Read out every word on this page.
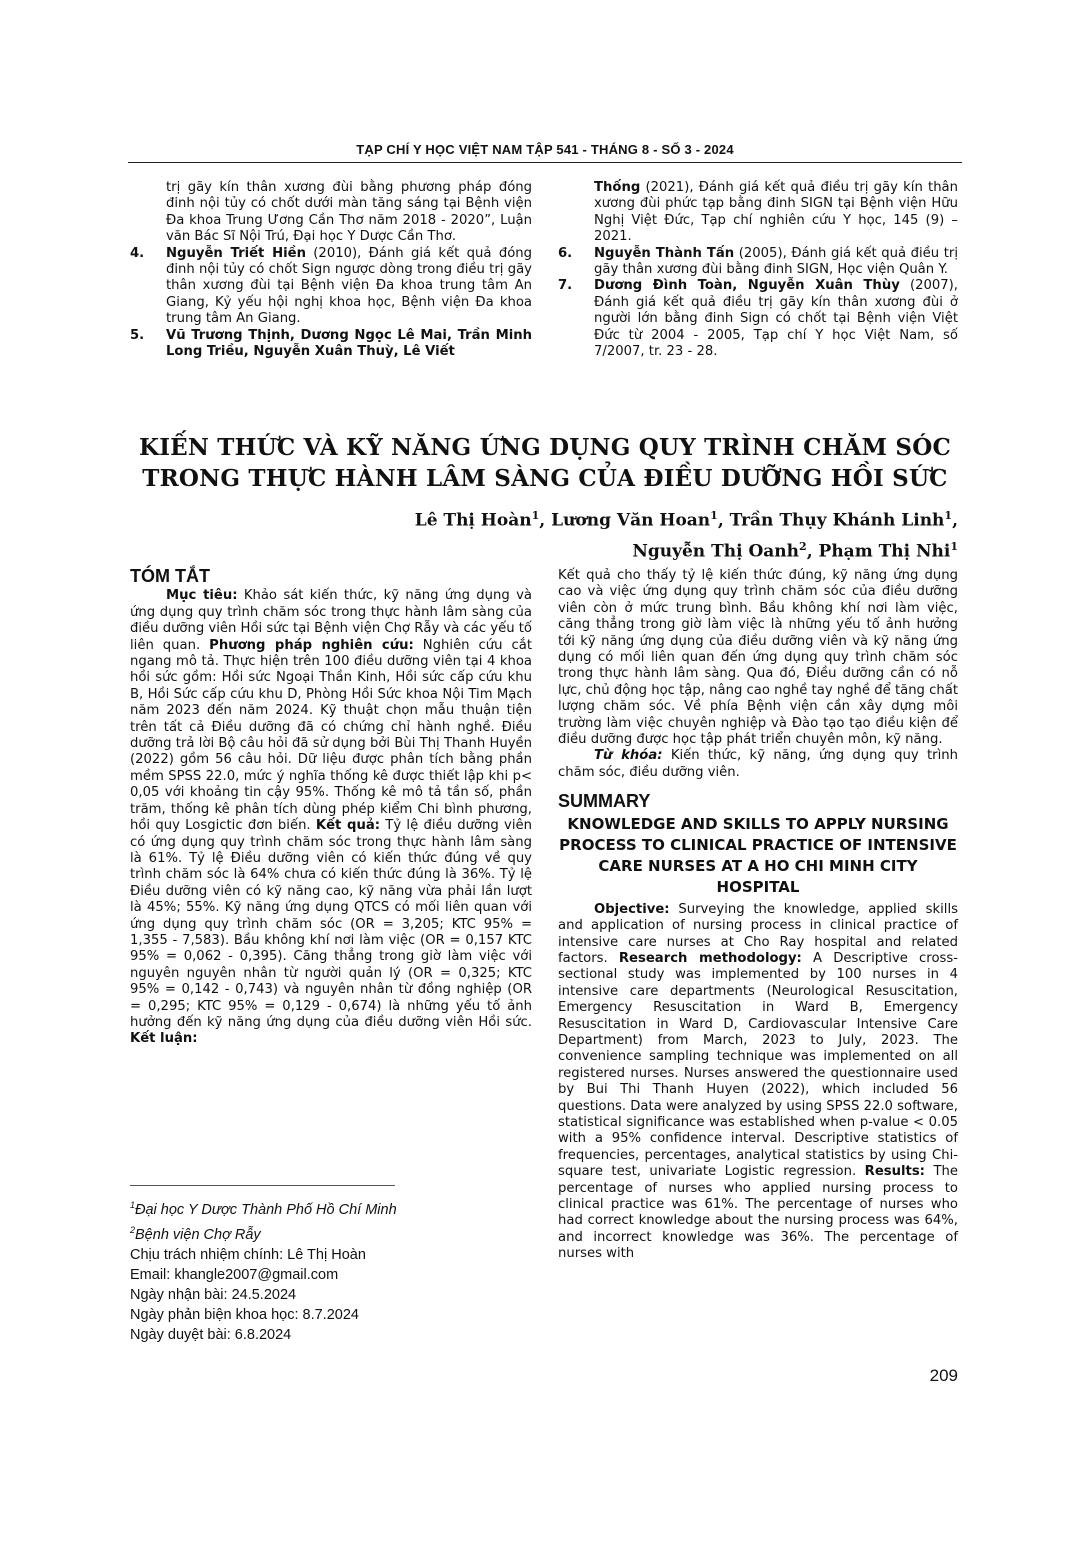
TẠP CHÍ Y HỌC VIỆT NAM TẬP 541 - THÁNG 8 - SỐ 3 - 2024
trị gãy kín thân xương đùi bằng phương pháp đóng đinh nội tủy có chốt dưới màn tăng sáng tại Bệnh viện Đa khoa Trung Ương Cần Thơ năm 2018 - 2020”, Luận văn Bác Sĩ Nội Trú, Đại học Y Dược Cần Thơ.
4.	Nguyễn Triết Hiền (2010), Đánh giá kết quả đóng đinh nội tủy có chốt Sign ngược dòng trong điều trị gãy thân xương đùi tại Bệnh viện Đa khoa trung tâm An Giang, Kỷ yếu hội nghị khoa học, Bệnh viện Đa khoa trung tâm An Giang.
5.	Vũ Trương Thịnh, Dương Ngọc Lê Mai, Trần Minh Long Triều, Nguyễn Xuân Thuỳ, Lê Viết
Thống (2021), Đánh giá kết quả điều trị gãy kín thân xương đùi phức tạp bằng đinh SIGN tại Bệnh viện Hữu Nghị Việt Đức, Tạp chí nghiên cứu Y học, 145 (9) – 2021.
6.	Nguyễn Thành Tấn (2005), Đánh giá kết quả điều trị gãy thân xương đùi bằng đinh SIGN, Học viện Quân Y.
7.	Dương Đình Toàn, Nguyễn Xuân Thùy (2007), Đánh giá kết quả điều trị gãy kín thân xương đùi ở người lớn bằng đinh Sign có chốt tại Bệnh viện Việt Đức từ 2004 - 2005, Tạp chí Y học Việt Nam, số 7/2007, tr. 23 - 28.
KIẾN THỨC VÀ KỸ NĂNG ỨNG DỤNG QUY TRÌNH CHĂM SÓC
TRONG THỰC HÀNH LÂM SÀNG CỦA ĐIỀU DƯỠNG HỒI SỨC
Lê Thị Hoàn$^1$, Lương Văn Hoan$^1$, Trần Thụy Khánh Linh$^1$,
Nguyễn Thị Oanh$^2$, Phạm Thị Nhi$^1$
TÓM TẮT
Mục tiêu: Khảo sát kiến thức, kỹ năng ứng dụng và ứng dụng quy trình chăm sóc trong thực hành lâm sàng của điều dưỡng viên Hồi sức tại Bệnh viện Chợ Rẫy và các yếu tố liên quan. Phương pháp nghiên cứu: Nghiên cứu cắt ngang mô tả. Thực hiện trên 100 điều dưỡng viên tại 4 khoa hồi sức gồm: Hồi sức Ngoại Thần Kinh, Hồi sức cấp cứu khu B, Hồi Sức cấp cứu khu D, Phòng Hồi Sức khoa Nội Tim Mạch năm 2023 đến năm 2024. Kỹ thuật chọn mẫu thuận tiện trên tất cả Điều dưỡng đã có chứng chỉ hành nghề. Điều dưỡng trả lời Bộ câu hỏi đã sử dụng bởi Bùi Thị Thanh Huyền (2022) gồm 56 câu hỏi. Dữ liệu được phân tích bằng phần mềm SPSS 22.0, mức ý nghĩa thống kê được thiết lập khi p< 0,05 với khoảng tin cậy 95%. Thống kê mô tả tần số, phần trăm, thống kê phân tích dùng phép kiểm Chi bình phương, hồi quy Losgictic đơn biến. Kết quả: Tỷ lệ điều dưỡng viên có ứng dụng quy trình chăm sóc trong thực hành lâm sàng là 61%. Tỷ lệ Điều dưỡng viên có kiến thức đúng về quy trình chăm sóc là 64% chưa có kiến thức đúng là 36%. Tỷ lệ Điều dưỡng viên có kỹ năng cao, kỹ năng vừa phải lần lượt là 45%; 55%. Kỹ năng ứng dụng QTCS có mối liên quan với ứng dụng quy trình chăm sóc (OR = 3,205; KTC 95% = 1,355 - 7,583). Bầu không khí nơi làm việc (OR = 0,157 KTC 95% = 0,062 - 0,395). Căng thẳng trong giờ làm việc với nguyên nguyên nhân từ người quản lý (OR = 0,325; KTC 95% = 0,142 - 0,743) và nguyên nhân từ đồng nghiệp (OR = 0,295; KTC 95% = 0,129 - 0,674) là những yếu tố ảnh hưởng đến kỹ năng ứng dụng của điều dưỡng viên Hồi sức. Kết luận:
Kết quả cho thấy tỷ lệ kiến thức đúng, kỹ năng ứng dụng cao và việc ứng dụng quy trình chăm sóc của điều dưỡng viên còn ở mức trung bình. Bầu không khí nơi làm việc, căng thẳng trong giờ làm việc là những yếu tố ảnh hưởng tới kỹ năng ứng dụng của điều dưỡng viên và kỹ năng ứng dụng có mối liên quan đến ứng dụng quy trình chăm sóc trong thực hành lâm sàng. Qua đó, Điều dưỡng cần có nỗ lực, chủ động học tập, nâng cao nghề tay nghề để tăng chất lượng chăm sóc. Về phía Bệnh viện cần xây dựng môi trường làm việc chuyên nghiệp và Đào tạo tạo điều kiện để điều dưỡng được học tập phát triển chuyên môn, kỹ năng.
Từ khóa: Kiến thức, kỹ năng, ứng dụng quy trình chăm sóc, điều dưỡng viên.
SUMMARY
KNOWLEDGE AND SKILLS TO APPLY NURSING PROCESS TO CLINICAL PRACTICE OF INTENSIVE CARE NURSES AT A HO CHI MINH CITY HOSPITAL
Objective: Surveying the knowledge, applied skills and application of nursing process in clinical practice of intensive care nurses at Cho Ray hospital and related factors. Research methodology: A Descriptive cross-sectional study was implemented by 100 nurses in 4 intensive care departments (Neurological Resuscitation, Emergency Resuscitation in Ward B, Emergency Resuscitation in Ward D, Cardiovascular Intensive Care Department) from March, 2023 to July, 2023. The convenience sampling technique was implemented on all registered nurses. Nurses answered the questionnaire used by Bui Thi Thanh Huyen (2022), which included 56 questions. Data were analyzed by using SPSS 22.0 software, statistical significance was established when p-value < 0.05 with a 95% confidence interval. Descriptive statistics of frequencies, percentages, analytical statistics by using Chi-square test, univariate Logistic regression. Results: The percentage of nurses who applied nursing process to clinical practice was 61%. The percentage of nurses who had correct knowledge about the nursing process was 64%, and incorrect knowledge was 36%. The percentage of nurses with
$^1$Đại học Y Dược Thành Phố Hồ Chí Minh
$^2$Bệnh viện Chợ Rẫy
Chịu trách nhiệm chính: Lê Thị Hoàn
Email: khangle2007@gmail.com
Ngày nhận bài: 24.5.2024
Ngày phản biện khoa học: 8.7.2024
Ngày duyệt bài: 6.8.2024
209
